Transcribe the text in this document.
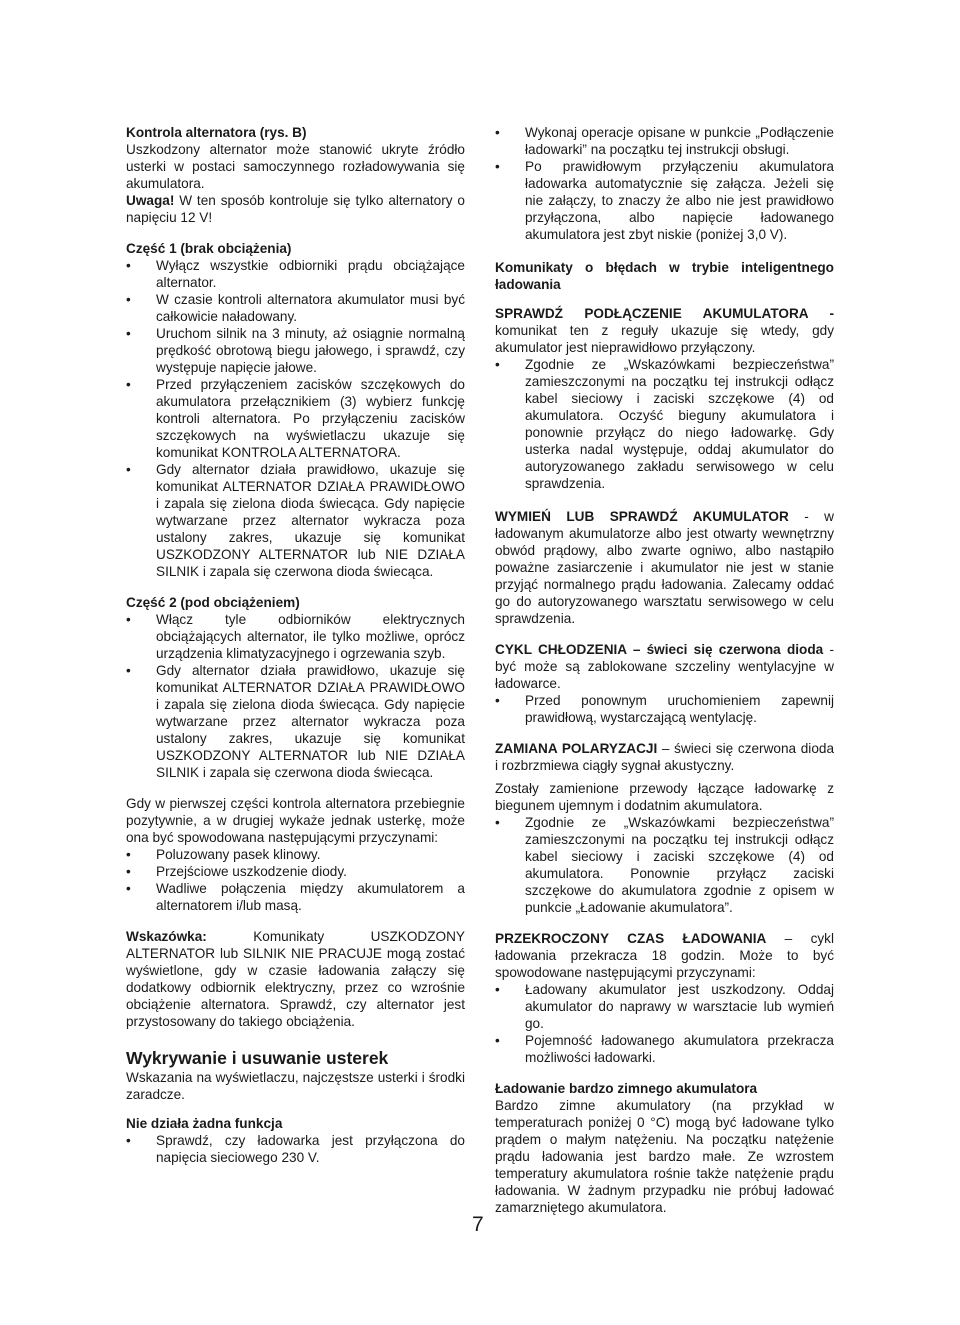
Kontrola alternatora (rys. B)

Uszkodzony alternator może stanowić ukryte źródło usterki w postaci samoczynnego rozładowywania się akumulatora.

Uwaga! W ten sposób kontroluje się tylko alternatory o napięciu 12 V!

Część 1 (brak obciążenia)

• Wyłącz wszystkie odbiorniki prądu obciążające alternator.
• W czasie kontroli alternatora akumulator musi być całkowicie naładowany.
• Uruchom silnik na 3 minuty, aż osiągnie normalną prędkość obrotową biegu jałowego, i sprawdź, czy występuje napięcie jałowe.
• Przed przyłączeniem zacisków szczękowych do akumulatora przełącznikiem (3) wybierz funkcję kontroli alternatora. Po przyłączeniu zacisków szczękowych na wyświetlaczu ukazuje się komunikat KONTROLA ALTERNATORA.
• Gdy alternator działa prawidłowo, ukazuje się komunikat ALTERNATOR DZIAŁA PRAWIDŁOWO i zapala się zielona dioda świecąca. Gdy napięcie wytwarzane przez alternator wykracza poza ustalony zakres, ukazuje się komunikat USZKODZONY ALTERNATOR lub NIE DZIAŁA SILNIK i zapala się czerwona dioda świecąca.

Część 2 (pod obciążeniem)

• Włącz tyle odbiorników elektrycznych obciążających alternator, ile tylko możliwe, oprócz urządzenia klimatyzacyjnego i ogrzewania szyb.
• Gdy alternator działa prawidłowo, ukazuje się komunikat ALTERNATOR DZIAŁA PRAWIDŁOWO i zapala się zielona dioda świecąca. Gdy napięcie wytwarzane przez alternator wykracza poza ustalony zakres, ukazuje się komunikat USZKODZONY ALTERNATOR lub NIE DZIAŁA SILNIK i zapala się czerwona dioda świecąca.

Gdy w pierwszej części kontrola alternatora przebiegnie pozytywnie, a w drugiej wykaże jednak usterkę, może ona być spowodowana następującymi przyczynami:

• Poluzowany pasek klinowy.
• Przejściowe uszkodzenie diody.
• Wadliwe połączenia między akumulatorem a alternatorem i/lub masą.

Wskazówka: Komunikaty USZKODZONY ALTERNATOR lub SILNIK NIE PRACUJE mogą zostać wyświetlone, gdy w czasie ładowania załączy się dodatkowy odbiornik elektryczny, przez co wzrośnie obciążenie alternatora. Sprawdź, czy alternator jest przystosowany do takiego obciążenia.

Wykrywanie i usuwanie usterek

Wskazania na wyświetlaczu, najczęstsze usterki i środki zaradcze.

Nie działa żadna funkcja

• Sprawdź, czy ładowarka jest przyłączona do napięcia sieciowego 230 V.
• Wykonaj operacje opisane w punkcie „Podłączenie ładowarki” na początku tej instrukcji obsługi.
• Po prawidłowym przyłączeniu akumulatora ładowarka automatycznie się załącza. Jeżeli się nie załączy, to znaczy że albo nie jest prawidłowo przyłączona, albo napięcie ładowanego akumulatora jest zbyt niskie (poniżej 3,0 V).

Komunikaty o błędach w trybie inteligentnego ładowania

SPRAWDŹ PODŁĄCZENIE AKUMULATORA - komunikat ten z reguły ukazuje się wtedy, gdy akumulator jest nieprawidłowo przyłączony.

• Zgodnie ze „Wskazówkami bezpieczeństwa” zamieszczonymi na początku tej instrukcji odłącz kabel sieciowy i zaciski szczękowe (4) od akumulatora. Oczyść bieguny akumulatora i ponownie przyłącz do niego ładowarkę. Gdy usterka nadal występuje, oddaj akumulator do autoryzowanego zakładu serwisowego w celu sprawdzenia.

WYMIEŃ LUB SPRAWDŹ AKUMULATOR - w ładowanym akumulatorze albo jest otwarty wewnętrzny obwód prądowy, albo zwarte ogniwo, albo nastąpiło poważne zasiarczenie i akumulator nie jest w stanie przyjąć normalnego prądu ładowania. Zalecamy oddać go do autoryzowanego warsztatu serwisowego w celu sprawdzenia.

CYKL CHŁODZENIA – świeci się czerwona dioda - być może są zablokowane szczeliny wentylacyjne w ładowarce.

• Przed ponownym uruchomieniem zapewnij prawidłową, wystarczającą wentylację.

ZAMIANA POLARYZACJI – świeci się czerwona dioda i rozbrzmiewa ciągły sygnał akustyczny.

Zostały zamienione przewody łączące ładowarkę z biegunem ujemnym i dodatnim akumulatora.

• Zgodnie ze „Wskazówkami bezpieczeństwa” zamieszczonymi na początku tej instrukcji odłącz kabel sieciowy i zaciski szczękowe (4) od akumulatora. Ponownie przyłącz zaciski szczękowe do akumulatora zgodnie z opisem w punkcie „Ładowanie akumulatora”.

PRZEKROCZONY CZAS ŁADOWANIA – cykl ładowania przekracza 18 godzin. Może to być spowodowane następującymi przyczynami:

• Ładowany akumulator jest uszkodzony. Oddaj akumulator do naprawy w warsztacie lub wymień go.
• Pojemność ładowanego akumulatora przekracza możliwości ładowarki.

Ładowanie bardzo zimnego akumulatora

Bardzo zimne akumulatory (na przykład w temperaturach poniżej 0 °C) mogą być ładowane tylko prądem o małym natężeniu. Na początku natężenie prądu ładowania jest bardzo małe. Ze wzrostem temperatury akumulatora rośnie także natężenie prądu ładowania. W żadnym przypadku nie próbuj ładować zamarzniętego akumulatora.

7
